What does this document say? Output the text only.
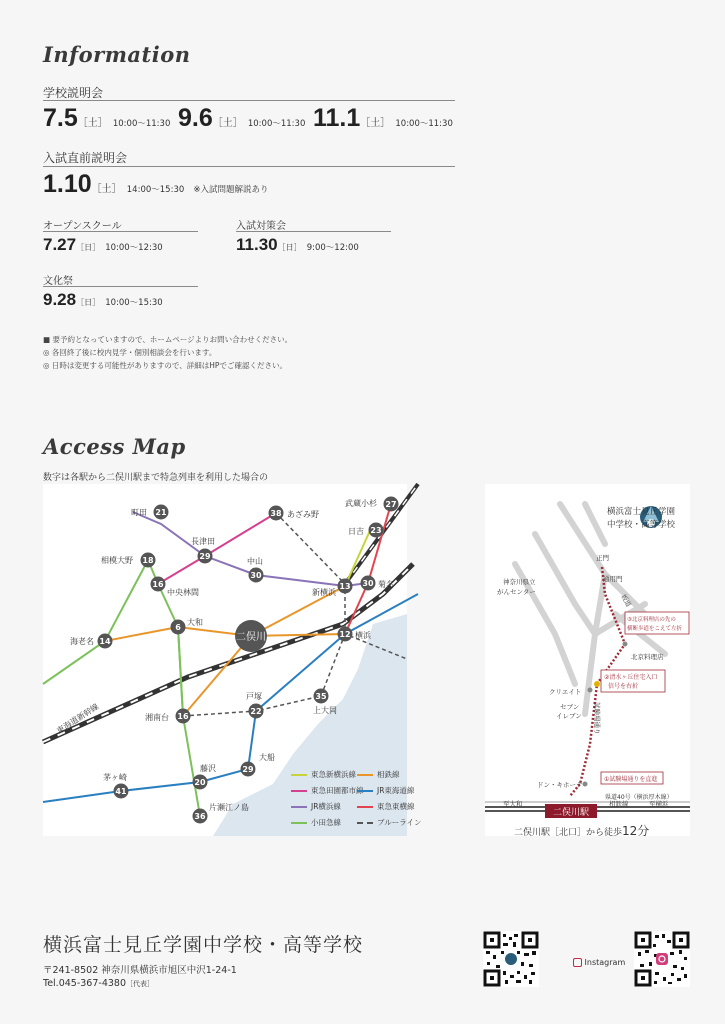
Information
学校説明会
7.5［土］ 10:00～11:30 9.6［土］ 10:00～11:30 11.1［土］ 10:00～11:30
入試直前説明会
1.10［土］ 14:00～15:30 ※入試問題解説あり
オープンスクール
7.27［日］ 10:00～12:30
入試対策会
11.30［日］ 9:00～12:00
文化祭
9.28［日］ 10:00～15:30
■ 要予約となっていますので、ホームページよりお問い合わせください。
◎ 各回終了後に校内見学・個別相談会を行います。
◎ 日時は変更する可能性がありますので、詳細はHPでご確認ください。
Access Map
数字は各駅から二俣川駅まで特急列車を利用した場合の
二俣川
38 あざみ野
27
武蔵小杉
23
日吉
21
町田
29
長津田
18
相模大野
30
中山
16
中央林間
13
新横浜
30 菊名
6
大和
14
海老名
12 横浜
35
上大岡
22
戸塚
16
湘南台
29
大船
20
藤沢
41
茅ヶ崎
36
片瀬江ノ島
東海道新幹線
東急新横浜線	相鉄線
東急田園都市線	JR東海道線
JR横浜線	東急東横線
小田急線	ブルーライン
二俣川駅
横浜富士見丘学園
中学校・高等学校
正門
通用門
坂道
神奈川県立
がんセンター
北京料理店
クリエイト
セブン
イレブン 試験場通り
ドン・キホーテ
県道40号（横浜厚木線）
至大和	相鉄線	至横浜
①試験場通りを直進
②清水ヶ丘住宅入口
信号を右折
③北京料理店の先の
横断歩道をこえて左折
二俣川駅［北口］から徒歩12分
横浜富士見丘学園中学校・高等学校
〒241-8502 神奈川県横浜市旭区中沢1-24-1
Tel.045-367-4380［代表］
Instagram
